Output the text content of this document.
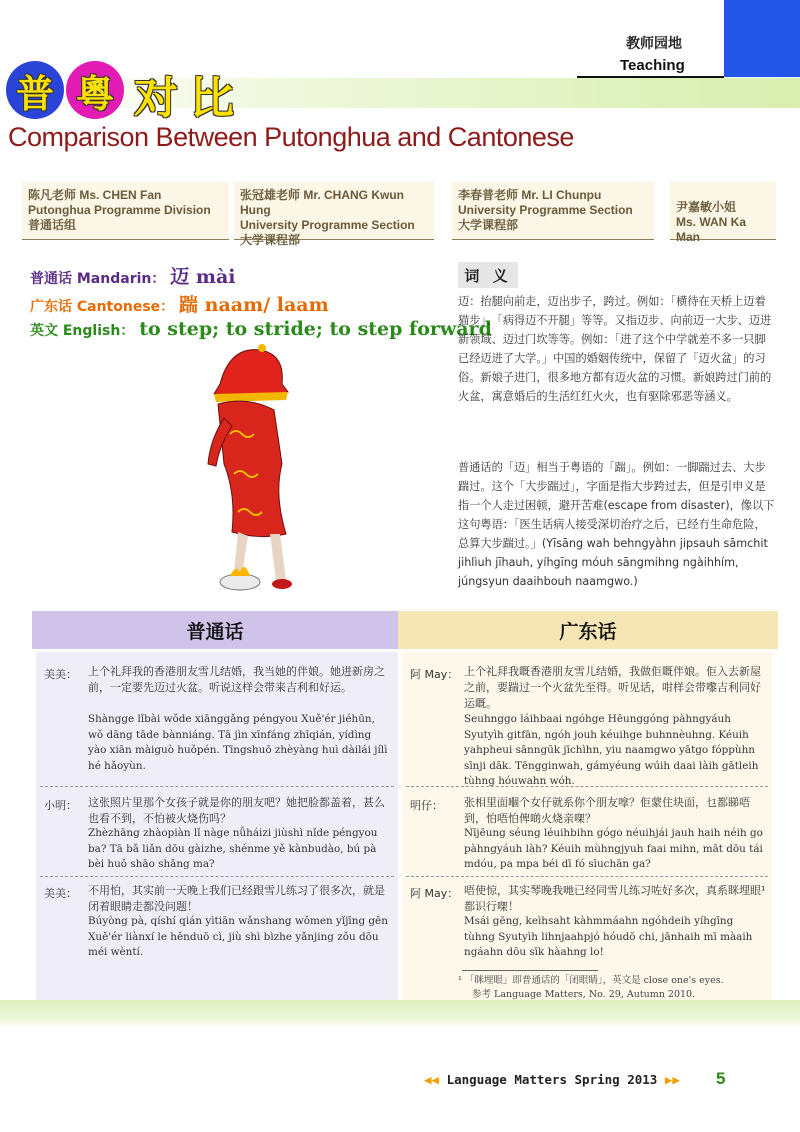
教师园地
Teaching
普 粵 对 比
Comparison Between Putonghua and Cantonese
陈凡老师 Ms. CHEN Fan
Putonghua Programme Division
普通话组
张冠雄老师 Mr. CHANG Kwun Hung
University Programme Section
大学课程部
李春普老师 Mr. LI Chunpu
University Programme Section
大学课程部
尹嘉敏小姐
Ms. WAN Ka Man
普通话 Mandarin： 迈 mài
广东话 Cantonese： 踹 naam/ laam
英文 English： to step; to stride; to step forward
词 义
迈：抬腿向前走，迈出步子，跨过。例如：「横待在天桥上迈着猫步」、「病得迈不开腿」等等。又指迈步、向前迈一大步、迈进新领域、迈过门坎等等。例如：「进了这个中学就差不多一只脚已经迈进了大学。」中国的婚姻传统中，保留了「迈火盆」的习俗。新娘子进门，很多地方都有迈火盆的习惯。新娘跨过门前的火盆，寓意婚后的生活红红火火，也有驱除邪恶等涵义。
普通话的「迈」相当于粤语的「踹」。例如：一脚踹过去、大步踹过。这个「大步踹过」，字面是指大步跨过去，但是引申义是指一个人走过困顿，避开苦难(escape from disaster)，像以下这句粤语：「医生话病人接受深切治疗之后，已经冇生命危险，总算大步踹过。」(Yīsāng wah behngyàhn jipsauh sāmchit jihlìuh jīhauh, yíhgīng móuh sāngmihng ngàihhím, júngsyun daaihbouh naamgwo.)
普通话	广东话
美美： 上个礼拜我的香港朋友雪儿结婚，我当她的伴娘。她进新房之前，一定要先迈过火盆。听说这样会带来吉利和好运。
Shàngge lǐbài wǒde xiānggǎng péngyou Xuě'ér jiéhūn, wǒ dāng tāde bànniáng. Tā jìn xīnfáng zhīqián, yídìng yào xiān màiguò huǒpén. Tīngshuō zhèyàng huì dàilái jílì hé hǎoyùn.
小明： 这张照片里那个女孩子就是你的朋友吧？她把脸都盖着，甚么也看不到，不怕被火烧伤吗？
Zhèzhāng zhàopiàn lǐ nàge nǚháizi jiùshì nǐde péngyou ba? Tā bǎ liǎn dōu gàizhe, shénme yě kànbudào, bú pà bèi huǒ shāo shāng ma?
美美： 不用怕，其实前一天晚上我们已经跟雪儿练习了很多次，就是闭着眼睛走都没问题！
Búyòng pà, qíshí qián yìtiān wǎnshang wǒmen yǐjīng gēn Xuě'ér liànxí le hěnduō cì, jiù shì bìzhe yǎnjing zǒu dōu méi wèntí.
阿 May： 上个礼拜我嘅香港朋友雪儿结婚，我做佢嘅伴娘。佢入去新屋之前，要踹过一个火盆先至得。听见话，咁样会带嚟吉利同好运嘅。
Seuhnggo láihbaai ngóhge Hēunggóng pàhngyáuh Syutyìh gitfān, ngóh jouh kéuihge buhnnèuhng. Kéuih yahpheui sānngūk jīchìhn, yiu naamgwo yātgo fóppùhn sīnji dāk. Tēngginwah, gámyéung wúih daai làih gātleih tùhng hóuwahn wóh.
明仔： 张相里面嗰个女仔就系你个朋友嗱？佢蒙住块面，乜都睇唔到，怕唔怕俾啲火烧亲㗎？
Nījēung séung léuihbihn gógo néuihjái jauh haih néih go pàhngyáuh làh? Kéuih mùhngjyuh faai mihn, māt dōu tái mdóu, pa mpa béi dī fó sīuchān ga?
阿 May： 唔使惊，其实琴晚我哋已经同雪儿练习咗好多次，真系眯埋眼¹都识行㗎！
Msái gēng, keìhsaht kàhmmáahn ngóhdeih yíhgīng tùhng Syutyìh lihnjaahpjó hóudō chi, jānhaih mī màaih ngáahn dōu sīk hàahng lo!
¹ 「眯埋眼」即普通话的「闭眼睛」，英文是 close one's eyes.
参考 Language Matters, No. 29, Autumn 2010.
◀◀ Language Matters Spring 2013 ▶▶ 5
